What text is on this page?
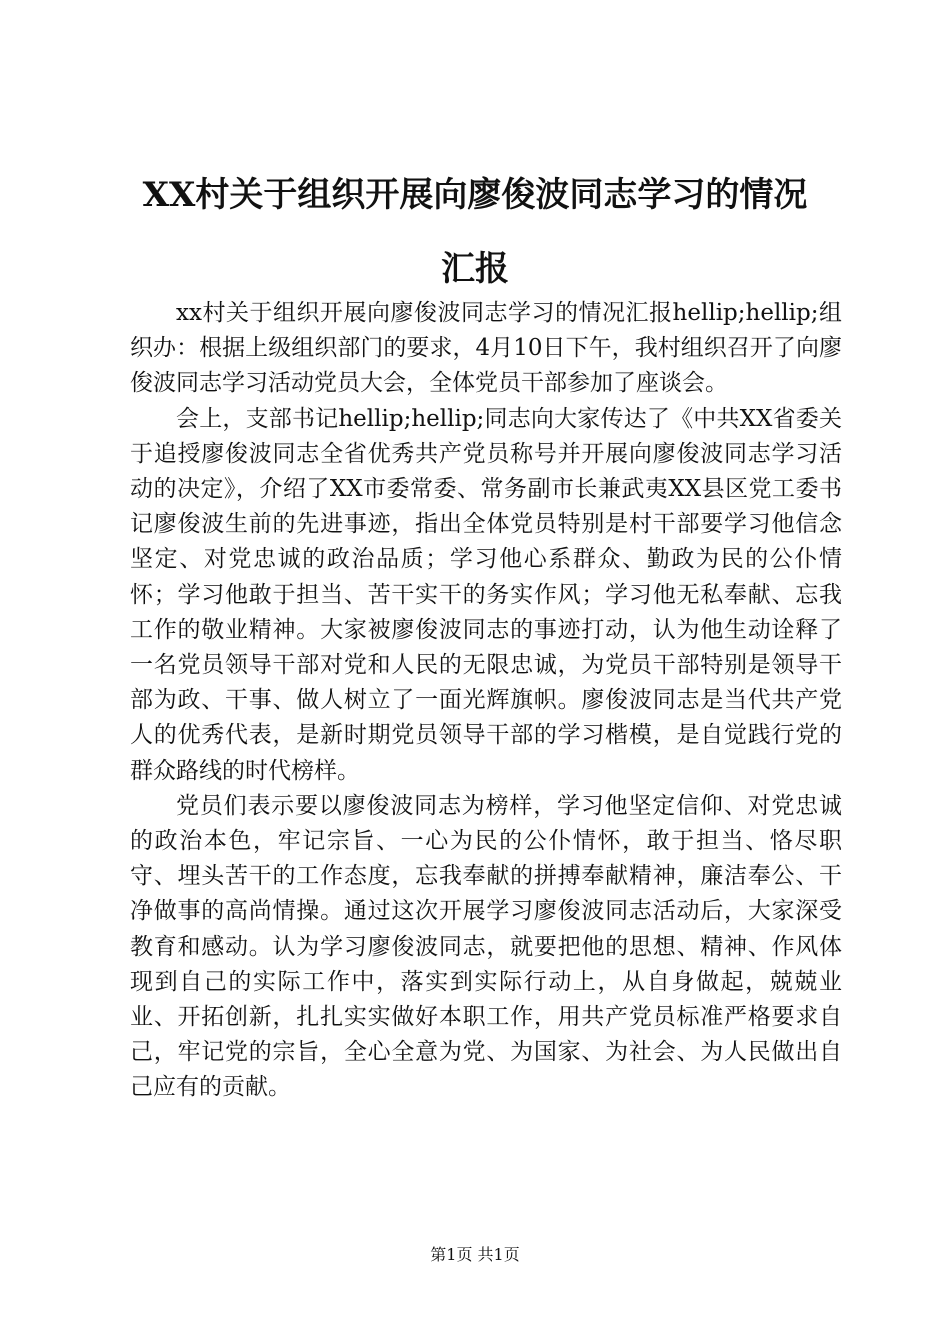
XX村关于组织开展向廖俊波同志学习的情况
汇报

xx村关于组织开展向廖俊波同志学习的情况汇报hellip;hellip;组织办：根据上级组织部门的要求，4月10日下午，我村组织召开了向廖俊波同志学习活动党员大会，全体党员干部参加了座谈会。

会上，支部书记hellip;hellip;同志向大家传达了《中共XX省委关于追授廖俊波同志全省优秀共产党员称号并开展向廖俊波同志学习活动的决定》，介绍了XX市委常委、常务副市长兼武夷XX县区党工委书记廖俊波生前的先进事迹，指出全体党员特别是村干部要学习他信念坚定、对党忠诚的政治品质；学习他心系群众、勤政为民的公仆情怀；学习他敢于担当、苦干实干的务实作风；学习他无私奉献、忘我工作的敬业精神。大家被廖俊波同志的事迹打动，认为他生动诠释了一名党员领导干部对党和人民的无限忠诚，为党员干部特别是领导干部为政、干事、做人树立了一面光辉旗帜。廖俊波同志是当代共产党人的优秀代表，是新时期党员领导干部的学习楷模，是自觉践行党的群众路线的时代榜样。

党员们表示要以廖俊波同志为榜样，学习他坚定信仰、对党忠诚的政治本色，牢记宗旨、一心为民的公仆情怀，敢于担当、恪尽职守、埋头苦干的工作态度，忘我奉献的拼搏奉献精神，廉洁奉公、干净做事的高尚情操。通过这次开展学习廖俊波同志活动后，大家深受教育和感动。认为学习廖俊波同志，就要把他的思想、精神、作风体现到自己的实际工作中，落实到实际行动上，从自身做起，兢兢业业、开拓创新，扎扎实实做好本职工作，用共产党员标准严格要求自己，牢记党的宗旨，全心全意为党、为国家、为社会、为人民做出自己应有的贡献。

第1页 共1页
